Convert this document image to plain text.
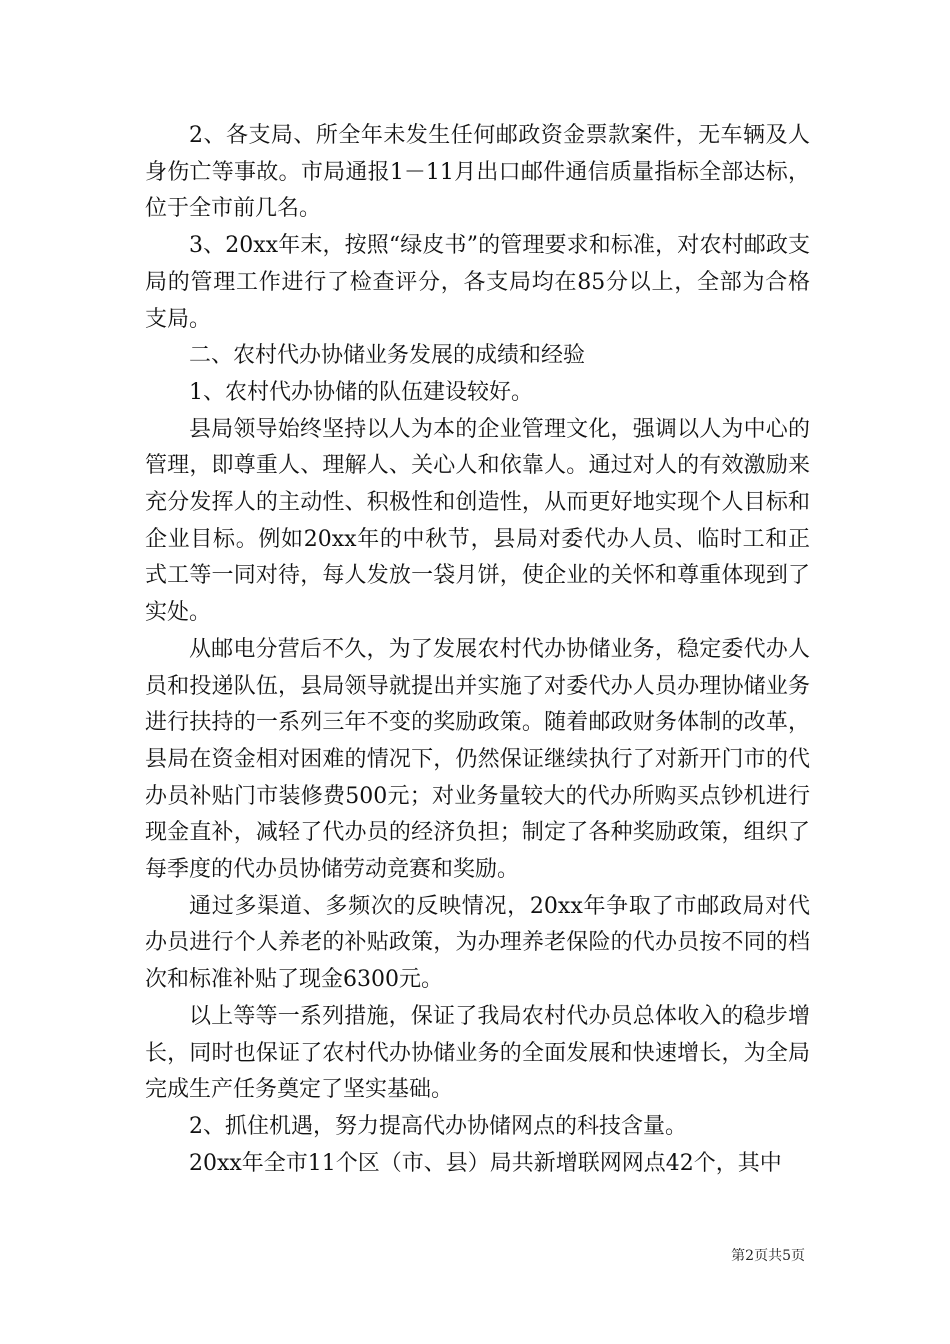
2、各支局、所全年未发生任何邮政资金票款案件，无车辆及人身伤亡等事故。市局通报1－11月出口邮件通信质量指标全部达标，位于全市前几名。

3、20xx年末，按照“绿皮书”的管理要求和标准，对农村邮政支局的管理工作进行了检查评分，各支局均在85分以上，全部为合格支局。

二、农村代办协储业务发展的成绩和经验

1、农村代办协储的队伍建设较好。

县局领导始终坚持以人为本的企业管理文化，强调以人为中心的管理，即尊重人、理解人、关心人和依靠人。通过对人的有效激励来充分发挥人的主动性、积极性和创造性，从而更好地实现个人目标和企业目标。例如20xx年的中秋节，县局对委代办人员、临时工和正式工等一同对待，每人发放一袋月饼，使企业的关怀和尊重体现到了实处。

从邮电分营后不久，为了发展农村代办协储业务，稳定委代办人员和投递队伍，县局领导就提出并实施了对委代办人员办理协储业务进行扶持的一系列三年不变的奖励政策。随着邮政财务体制的改革，县局在资金相对困难的情况下，仍然保证继续执行了对新开门市的代办员补贴门市装修费500元；对业务量较大的代办所购买点钞机进行现金直补，减轻了代办员的经济负担；制定了各种奖励政策，组织了每季度的代办员协储劳动竞赛和奖励。

通过多渠道、多频次的反映情况，20xx年争取了市邮政局对代办员进行个人养老的补贴政策，为办理养老保险的代办员按不同的档次和标准补贴了现金6300元。

以上等等一系列措施，保证了我局农村代办员总体收入的稳步增长，同时也保证了农村代办协储业务的全面发展和快速增长，为全局完成生产任务奠定了坚实基础。

2、抓住机遇，努力提高代办协储网点的科技含量。

20xx年全市11个区（市、县）局共新增联网网点42个，其中

第2页共5页
